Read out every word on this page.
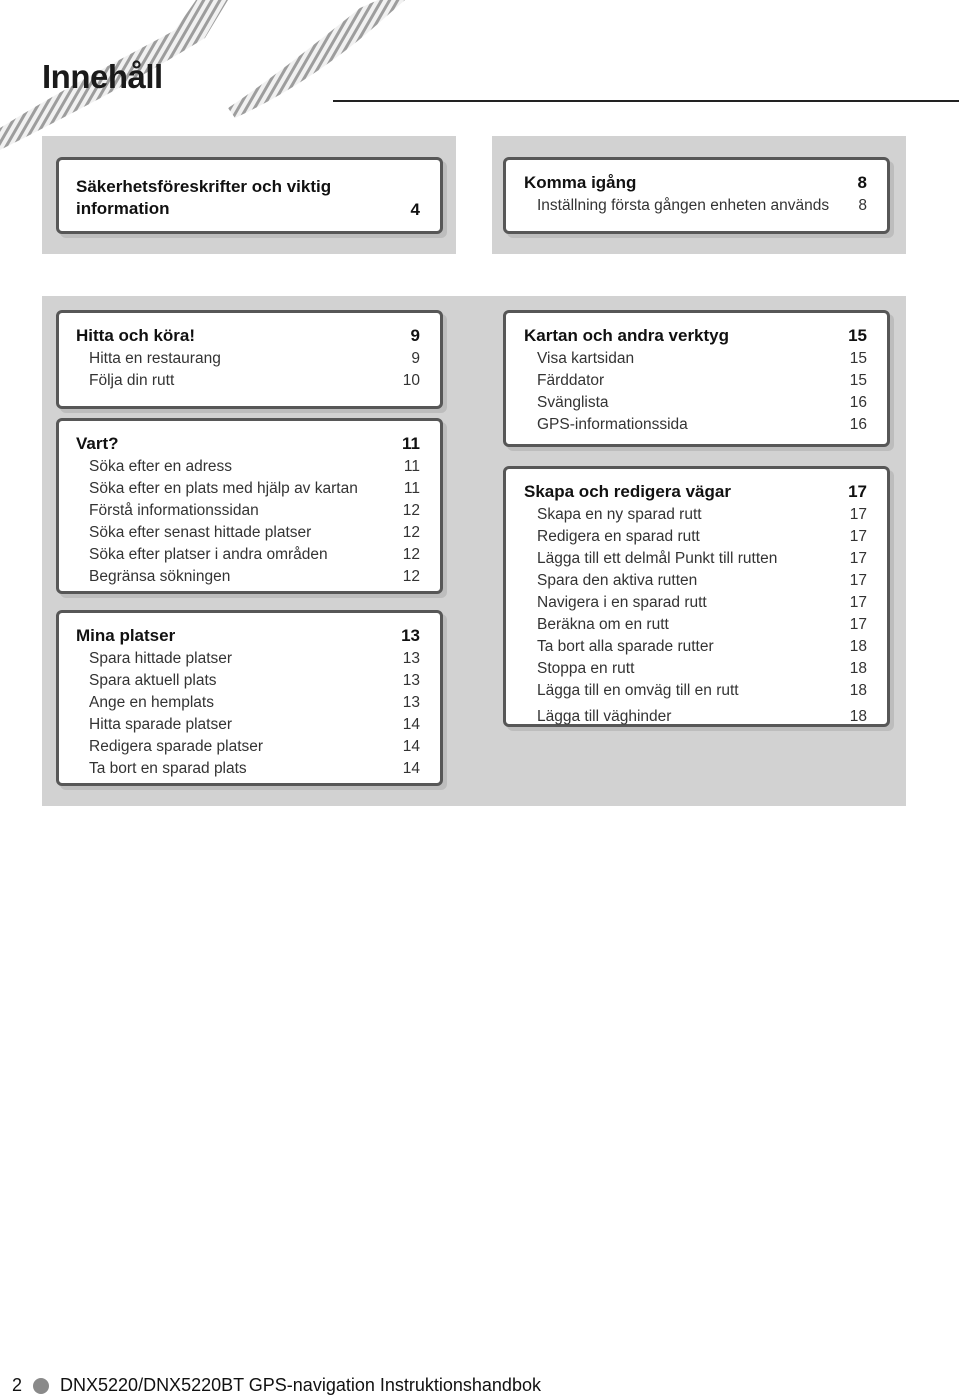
Innehåll
Säkerhetsföreskrifter och viktig
information	4
Komma igång	8
Inställning första gången enheten används 8
Hitta och köra!	9
Hitta en restaurang	9
Följa din rutt	10
Vart?	11
Söka efter en adress	11
Söka efter en plats med hjälp av kartan	11
Förstå informationssidan	12
Söka efter senast hittade platser	12
Söka efter platser i andra områden	12
Begränsa sökningen	12
Mina platser	13
Spara hittade platser	13
Spara aktuell plats	13
Ange en hemplats	13
Hitta sparade platser	14
Redigera sparade platser	14
Ta bort en sparad plats	14
Kartan och andra verktyg	15
Visa kartsidan	15
Färddator	15
Svänglista	16
GPS-informationssida	16
Skapa och redigera vägar	17
Skapa en ny sparad rutt	17
Redigera en sparad rutt	17
Lägga till ett delmål Punkt till rutten	17
Spara den aktiva rutten	17
Navigera i en sparad rutt	17
Beräkna om en rutt	17
Ta bort alla sparade rutter	18
Stoppa en rutt	18
Lägga till en omväg till en rutt	18
Lägga till väghinder	18
2 DNX5220/DNX5220BT GPS-navigation Instruktionshandbok
